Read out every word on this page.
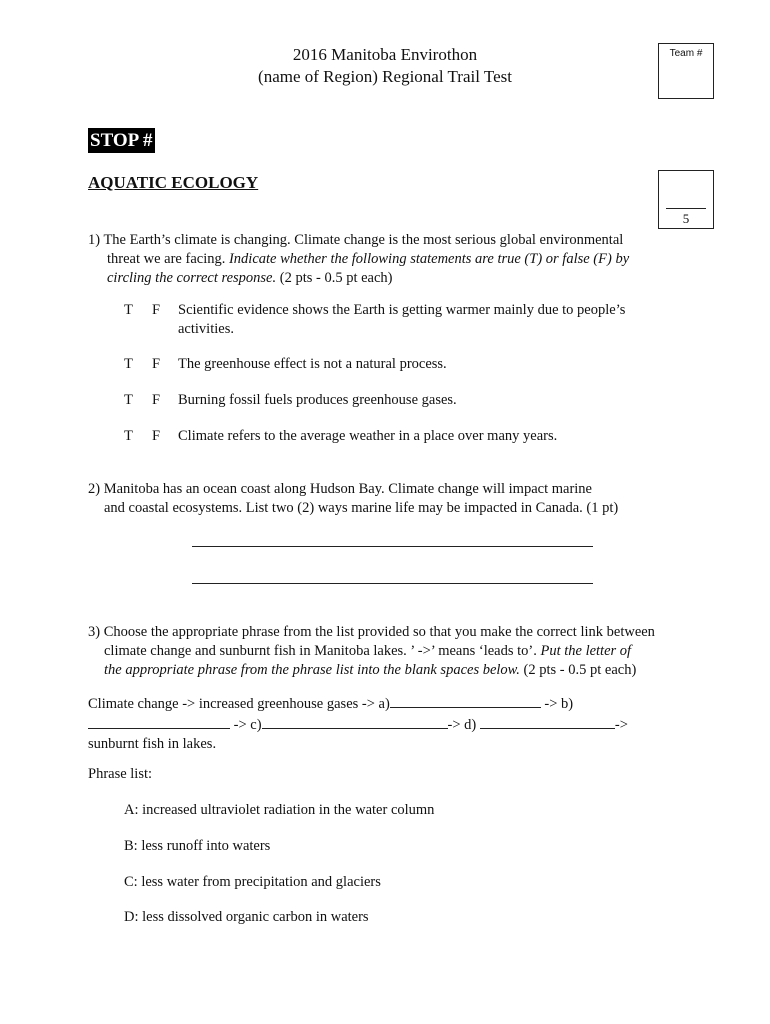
2016 Manitoba Envirothon
(name of Region) Regional Trail Test
Team #
STOP #
AQUATIC ECOLOGY
5
1) The Earth’s climate is changing. Climate change is the most serious global environmental
threat we are facing. Indicate whether the following statements are true (T) or false (F) by
circling the correct response. (2 pts - 0.5 pt each)
T F Scientific evidence shows the Earth is getting warmer mainly due to people’s activities.
T F The greenhouse effect is not a natural process.
T F Burning fossil fuels produces greenhouse gases.
T F Climate refers to the average weather in a place over many years.
2) Manitoba has an ocean coast along Hudson Bay. Climate change will impact marine
and coastal ecosystems. List two (2) ways marine life may be impacted in Canada. (1 pt)
3) Choose the appropriate phrase from the list provided so that you make the correct link between
climate change and sunburnt fish in Manitoba lakes. ’ ->’ means ‘leads to’. Put the letter of
the appropriate phrase from the phrase list into the blank spaces below. (2 pts - 0.5 pt each)
Climate change -> increased greenhouse gases -> a)	-> b)
-> c)	-> d)	->
sunburnt fish in lakes.
Phrase list:
A: increased ultraviolet radiation in the water column
B: less runoff into waters
C: less water from precipitation and glaciers
D: less dissolved organic carbon in waters
